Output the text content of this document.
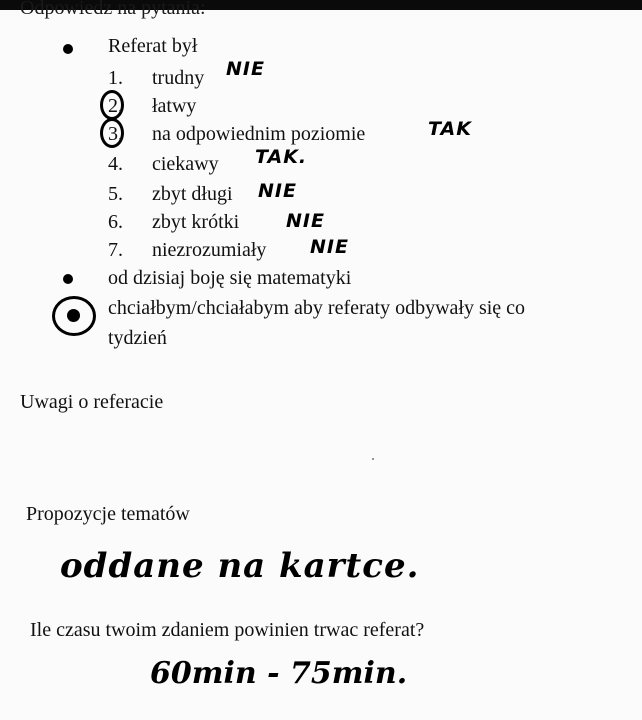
Odpowiedz na pytania:
Referat był
1.	trudny NIE
2.	łatwy
3.	na odpowiednim poziomie	TAK
4.	ciekawy TAK.
5.	zbyt długi NIE
6.	zbyt krótki NIE
7.	niezrozumiały NIE
od dzisiaj boję się matematyki
chciałbym/chciałabym aby referaty odbywały się co
tydzień
Uwagi o referacie
Propozycje tematów
oddane na kartce.
Ile czasu twoim zdaniem powinien trwac referat?
60min - 75min.
